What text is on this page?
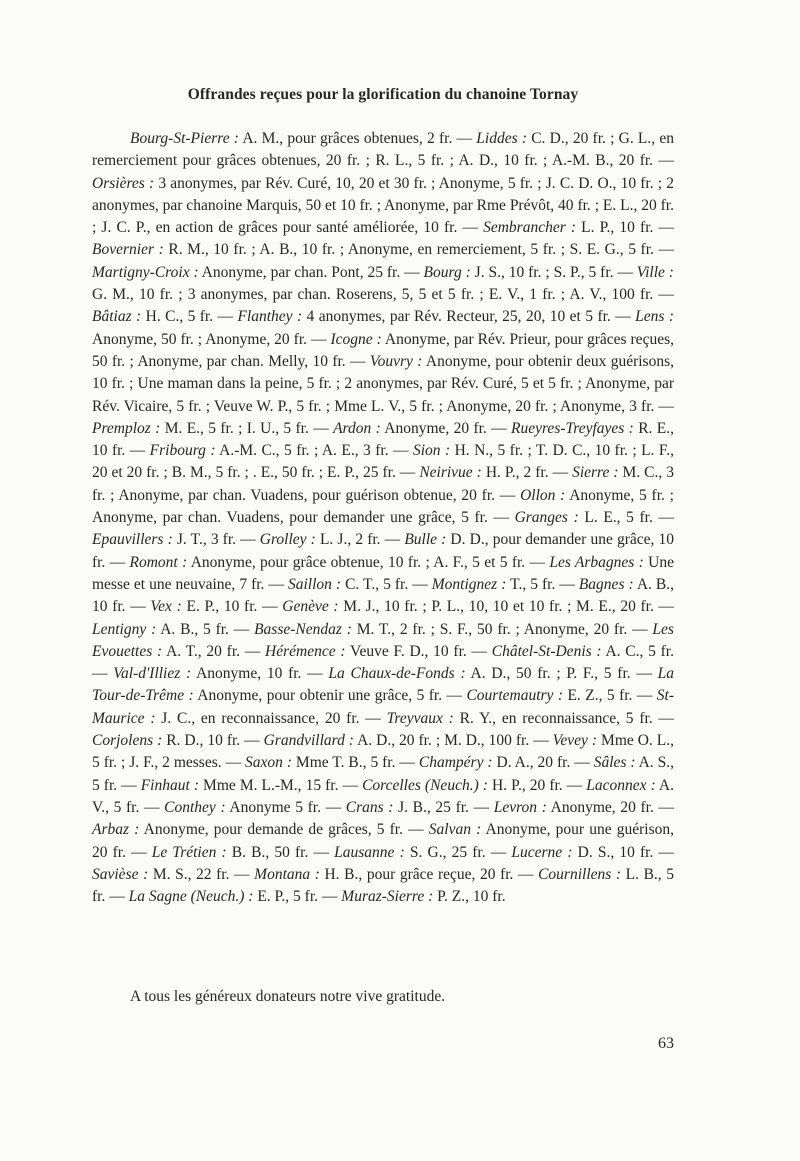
Offrandes reçues pour la glorification du chanoine Tornay

Bourg-St-Pierre : A. M., pour grâces obtenues, 2 fr. — Liddes : C. D., 20 fr. ; G. L., en remerciement pour grâces obtenues, 20 fr. ; R. L., 5 fr. ; A. D., 10 fr. ; A.-M. B., 20 fr. — Orsières : 3 anonymes, par Rév. Curé, 10, 20 et 30 fr. ; Anonyme, 5 fr. ; J. C. D. O., 10 fr. ; 2 anonymes, par chanoine Marquis, 50 et 10 fr. ; Anonyme, par Rme Prévôt, 40 fr. ; E. L., 20 fr. ; J. C. P., en action de grâces pour santé améliorée, 10 fr. — Sembrancher : L. P., 10 fr. — Bovernier : R. M., 10 fr. ; A. B., 10 fr. ; Anonyme, en remerciement, 5 fr. ; S. E. G., 5 fr. — Martigny-Croix : Anonyme, par chan. Pont, 25 fr. — Bourg : J. S., 10 fr. ; S. P., 5 fr. — Ville : G. M., 10 fr. ; 3 anonymes, par chan. Roserens, 5, 5 et 5 fr. ; E. V., 1 fr. ; A. V., 100 fr. — Bâtiaz : H. C., 5 fr. — Flanthey : 4 anonymes, par Rév. Recteur, 25, 20, 10 et 5 fr. — Lens : Anonyme, 50 fr. ; Anonyme, 20 fr. — Icogne : Anonyme, par Rév. Prieur, pour grâces reçues, 50 fr. ; Anonyme, par chan. Melly, 10 fr. — Vouvry : Anonyme, pour obtenir deux guérisons, 10 fr. ; Une maman dans la peine, 5 fr. ; 2 anonymes, par Rév. Curé, 5 et 5 fr. ; Anonyme, par Rév. Vicaire, 5 fr. ; Veuve W. P., 5 fr. ; Mme L. V., 5 fr. ; Anonyme, 20 fr. ; Anonyme, 3 fr. — Premploz : M. E., 5 fr. ; I. U., 5 fr. — Ardon : Anonyme, 20 fr. — Rueyres-Treyfayes : R. E., 10 fr. — Fribourg : A.-M. C., 5 fr. ; A. E., 3 fr. — Sion : H. N., 5 fr. ; T. D. C., 10 fr. ; L. F., 20 et 20 fr. ; B. M., 5 fr. ; . E., 50 fr. ; E. P., 25 fr. — Neirivue : H. P., 2 fr. — Sierre : M. C., 3 fr. ; Anonyme, par chan. Vuadens, pour guérison obtenue, 20 fr. — Ollon : Anonyme, 5 fr. ; Anonyme, par chan. Vuadens, pour demander une grâce, 5 fr. — Granges : L. E., 5 fr. — Epauvillers : J. T., 3 fr. — Grolley : L. J., 2 fr. — Bulle : D. D., pour demander une grâce, 10 fr. — Romont : Anonyme, pour grâce obtenue, 10 fr. ; A. F., 5 et 5 fr. — Les Arbagnes : Une messe et une neuvaine, 7 fr. — Saillon : C. T., 5 fr. — Montignez : T., 5 fr. — Bagnes : A. B., 10 fr. — Vex : E. P., 10 fr. — Genève : M. J., 10 fr. ; P. L., 10, 10 et 10 fr. ; M. E., 20 fr. — Lentigny : A. B., 5 fr. — Basse-Nendaz : M. T., 2 fr. ; S. F., 50 fr. ; Anonyme, 20 fr. — Les Evouettes : A. T., 20 fr. — Hérémence : Veuve F. D., 10 fr. — Châtel-St-Denis : A. C., 5 fr. — Val-d'Illiez : Anonyme, 10 fr. — La Chaux-de-Fonds : A. D., 50 fr. ; P. F., 5 fr. — La Tour-de-Trême : Anonyme, pour obtenir une grâce, 5 fr. — Courtemautry : E. Z., 5 fr. — St-Maurice : J. C., en reconnaissance, 20 fr. — Treyvaux : R. Y., en reconnaissance, 5 fr. — Corjolens : R. D., 10 fr. — Grandvillard : A. D., 20 fr. ; M. D., 100 fr. — Vevey : Mme O. L., 5 fr. ; J. F., 2 messes. — Saxon : Mme T. B., 5 fr. — Champéry : D. A., 20 fr. — Sâles : A. S., 5 fr. — Finhaut : Mme M. L.-M., 15 fr. — Corcelles (Neuch.) : H. P., 20 fr. — Laconnex : A. V., 5 fr. — Conthey : Anonyme 5 fr. — Crans : J. B., 25 fr. — Levron : Anonyme, 20 fr. — Arbaz : Anonyme, pour demande de grâces, 5 fr. — Salvan : Anonyme, pour une guérison, 20 fr. — Le Trétien : B. B., 50 fr. — Lausanne : S. G., 25 fr. — Lucerne : D. S., 10 fr. — Savièse : M. S., 22 fr. — Montana : H. B., pour grâce reçue, 20 fr. — Cournillens : L. B., 5 fr. — La Sagne (Neuch.) : E. P., 5 fr. — Muraz-Sierre : P. Z., 10 fr.

A tous les généreux donateurs notre vive gratitude.

63
